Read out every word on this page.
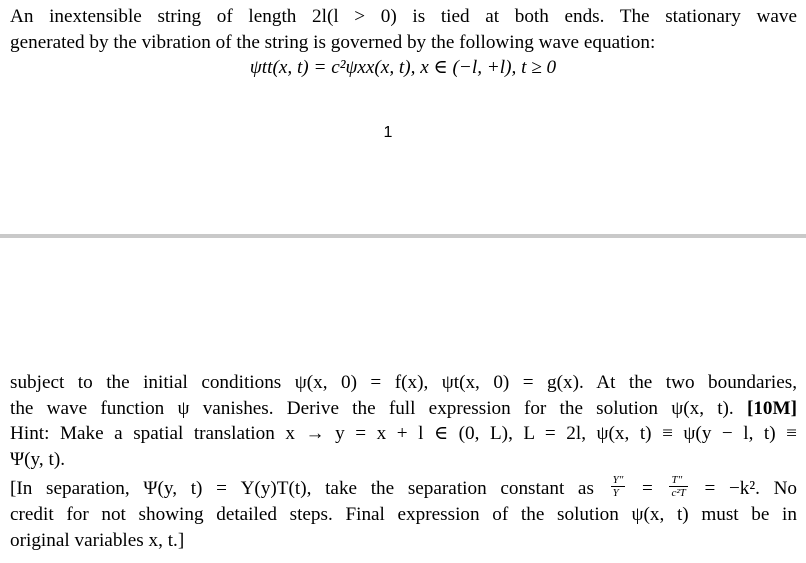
An inextensible string of length 2l(l > 0) is tied at both ends. The stationary wave
generated by the vibration of the string is governed by the following wave equation:
ψtt(x, t) = c²ψxx(x, t), x ∈ (−l, +l), t ≥ 0
1
subject to the initial conditions ψ(x, 0) = f(x), ψt(x, 0) = g(x). At the two boundaries,
the wave function ψ vanishes. Derive the full expression for the solution ψ(x, t). [10M]
Hint: Make a spatial translation x → y = x + l ∈ (0, L), L = 2l, ψ(x, t) ≡ ψ(y − l, t) ≡
Ψ(y, t).
[In separation, Ψ(y, t) = Y(y)T(t), take the separation constant as $\frac{Y''}{Y} = \frac{T''}{\text{c²T}} = -k^2$. No
credit for not showing detailed steps. Final expression of the solution ψ(x, t) must be in
original variables x, t.]
